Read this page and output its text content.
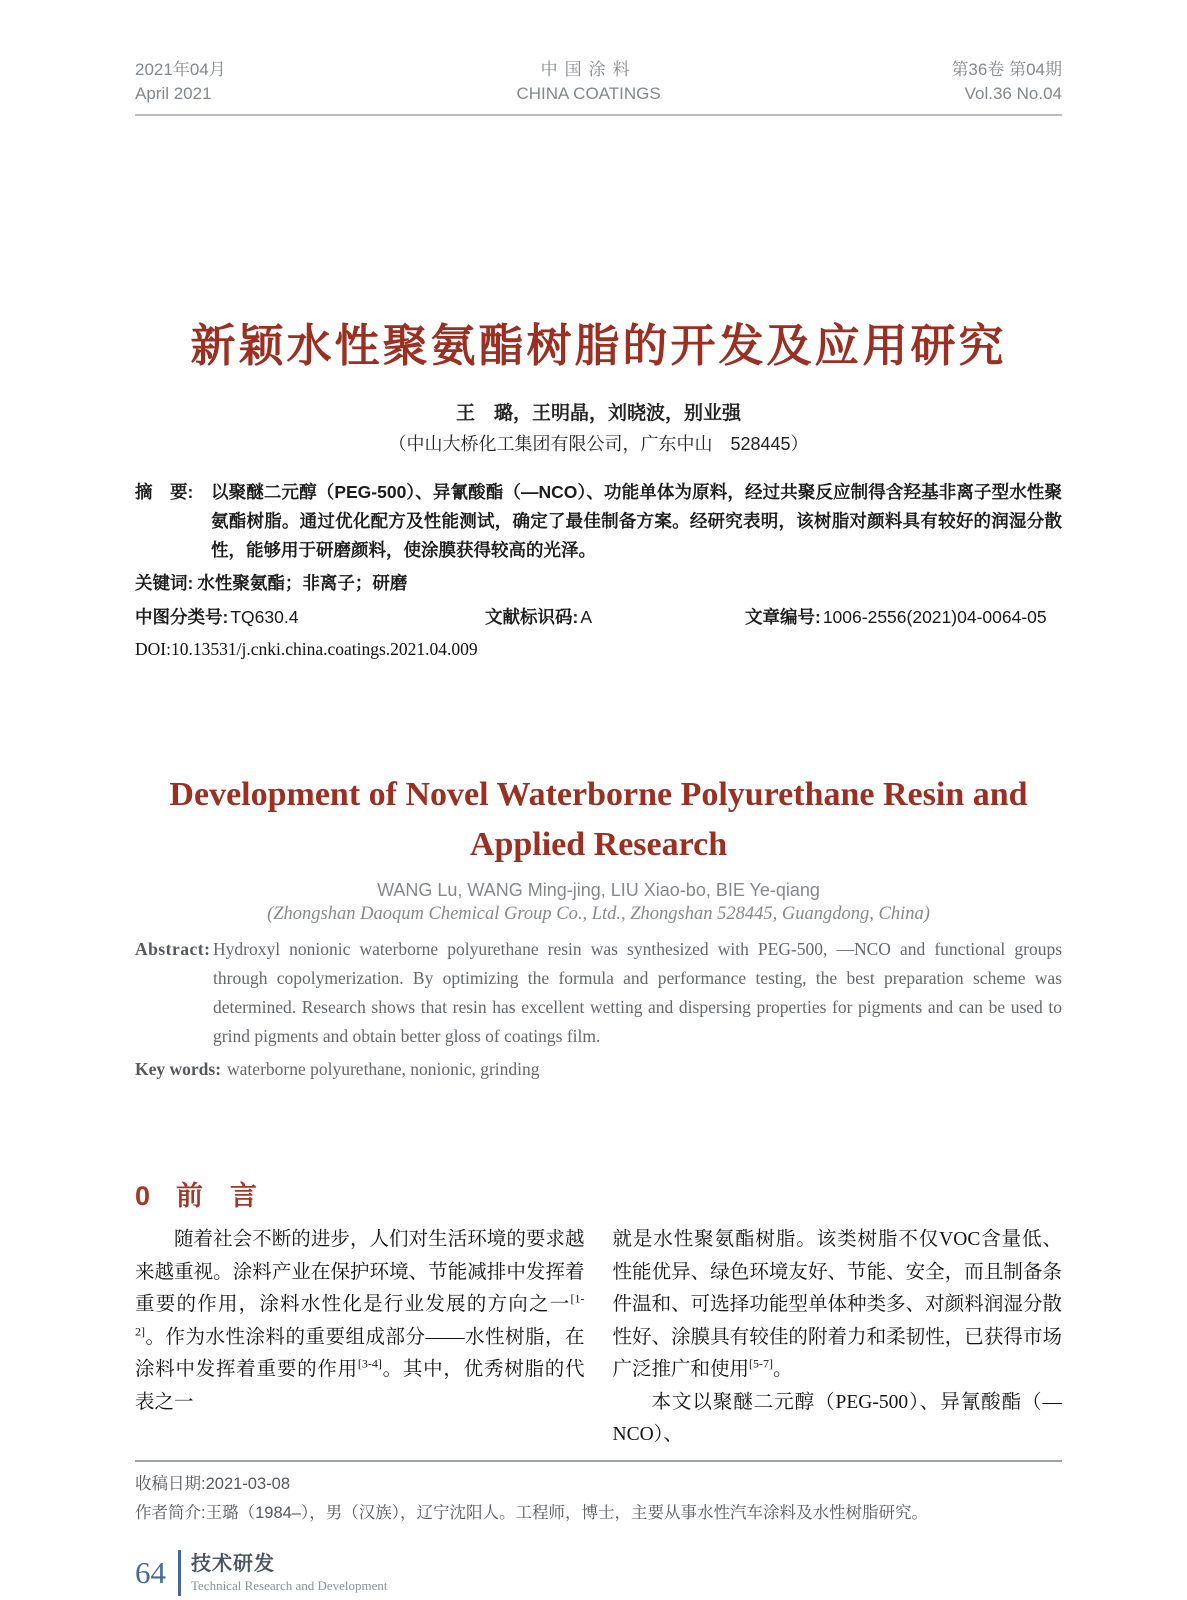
2021年04月
April 2021
中国涂料
CHINA COATINGS
第36卷 第04期
Vol.36 No.04
新颖水性聚氨酯树脂的开发及应用研究
王　璐，王明晶，刘晓波，别业强
（中山大桥化工集团有限公司，广东中山　528445）
摘　要:	以聚醚二元醇（PEG-500）、异氰酸酯（—NCO）、功能单体为原料，经过共聚反应制得含羟基非离子型水性聚氨酯树脂。通过优化配方及性能测试，确定了最佳制备方案。经研究表明，该树脂对颜料具有较好的润湿分散性，能够用于研磨颜料，使涂膜获得较高的光泽。
关键词: 水性聚氨酯；非离子；研磨
中图分类号: TQ630.4	文献标识码: A	文章编号: 1006-2556(2021)04-0064-05
DOI:10.13531/j.cnki.china.coatings.2021.04.009
Development of Novel Waterborne Polyurethane Resin and
Applied Research
WANG Lu, WANG Ming-jing, LIU Xiao-bo, BIE Ye-qiang
(Zhongshan Daoqum Chemical Group Co., Ltd., Zhongshan 528445, Guangdong, China)
Abstract: Hydroxyl nonionic waterborne polyurethane resin was synthesized with PEG-500, —NCO and functional groups through copolymerization. By optimizing the formula and performance testing, the best preparation scheme was determined. Research shows that resin has excellent wetting and dispersing properties for pigments and can be used to grind pigments and obtain better gloss of coatings film.
Key words: waterborne polyurethane, nonionic, grinding
0 前　言

随着社会不断的进步，人们对生活环境的要求越来越重视。涂料产业在保护环境、节能减排中发挥着重要的作用，涂料水性化是行业发展的方向之一[1-2]。作为水性涂料的重要组成部分——水性树脂，在涂料中发挥着重要的作用[3-4]。其中，优秀树脂的代表之一

就是水性聚氨酯树脂。该类树脂不仅VOC含量低、性能优异、绿色环境友好、节能、安全，而且制备条件温和、可选择功能型单体种类多、对颜料润湿分散性好、涂膜具有较佳的附着力和柔韧性，已获得市场广泛推广和使用[5-7]。

本文以聚醚二元醇（PEG-500）、异氰酸酯（—NCO）、

收稿日期:2021-03-08
作者简介:王璐（1984–），男（汉族），辽宁沈阳人。工程师，博士，主要从事水性汽车涂料及水性树脂研究。
64 技术研发
Technical Research and Development
